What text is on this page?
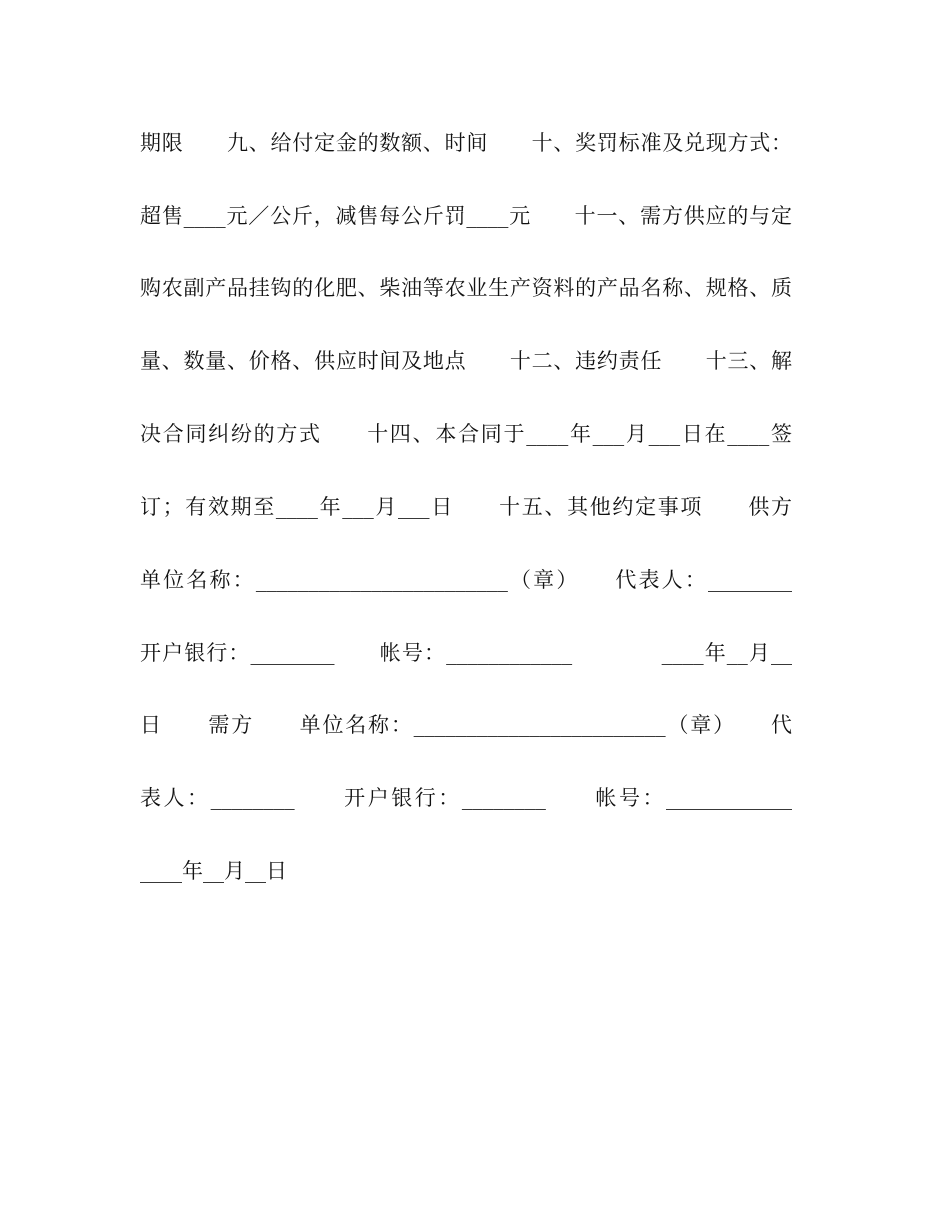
期限　　九、给付定金的数额、时间　　十、奖罚标准及兑现方式：
超售____元／公斤，减售每公斤罚____元　　十一、需方供应的与定
购农副产品挂钩的化肥、柴油等农业生产资料的产品名称、规格、质
量、数量、价格、供应时间及地点　　十二、违约责任　　十三、解
决合同纠纷的方式　　十四、本合同于____年___月___日在____签
订；有效期至____年___月___日　　十五、其他约定事项　　供方
单位名称：________________________（章）　　代表人：________
开户银行：________　　帐号：____________　　　　____年__月__
日　　需方　　单位名称：________________________（章）　　代
表人：________　　开户银行：________　　帐号：____________
____年__月__日
